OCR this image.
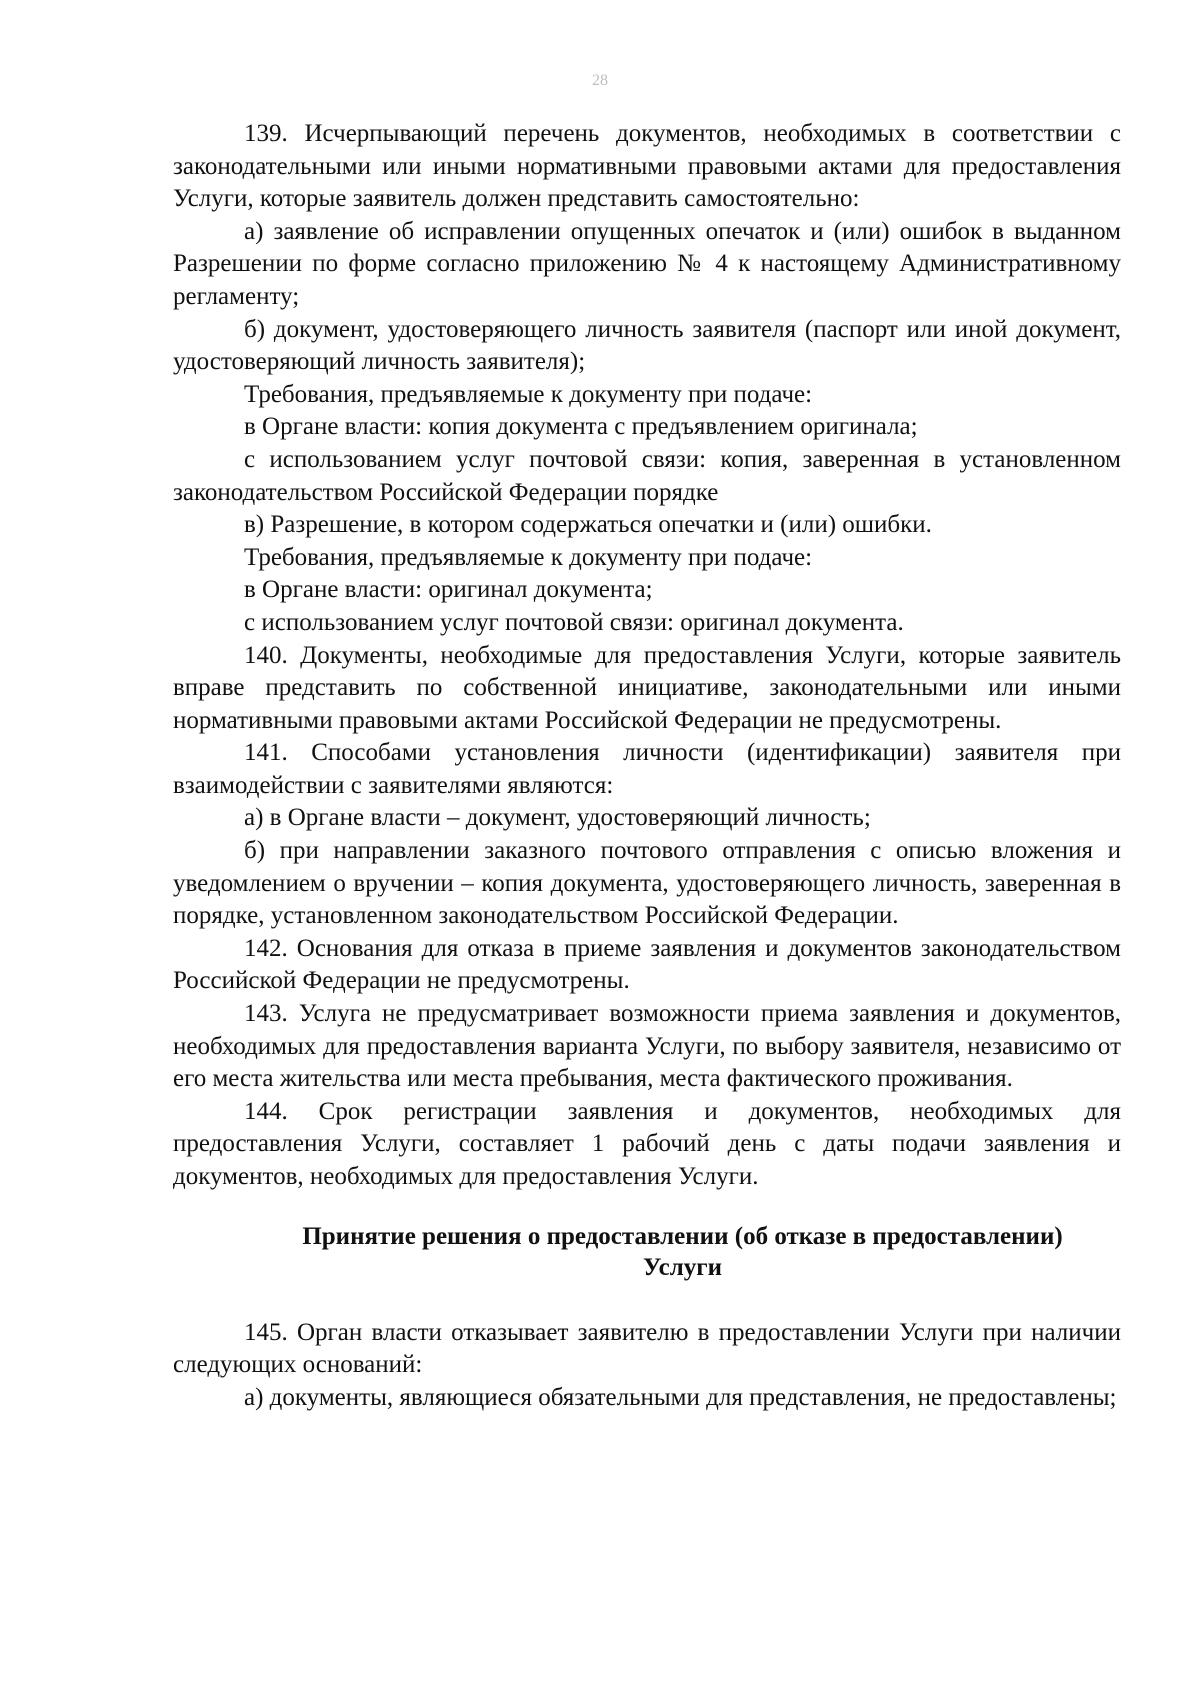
28

139. Исчерпывающий перечень документов, необходимых в соответствии с законодательными или иными нормативными правовыми актами для предоставления Услуги, которые заявитель должен представить самостоятельно:

а) заявление об исправлении опущенных опечаток и (или) ошибок в выданном Разрешении по форме согласно приложению № 4 к настоящему Административному регламенту;

б) документ, удостоверяющего личность заявителя (паспорт или иной документ, удостоверяющий личность заявителя);

Требования, предъявляемые к документу при подаче:

в Органе власти: копия документа с предъявлением оригинала;

с использованием услуг почтовой связи: копия, заверенная в установленном законодательством Российской Федерации порядке

в) Разрешение, в котором содержаться опечатки и (или) ошибки.

Требования, предъявляемые к документу при подаче:

в Органе власти: оригинал документа;

с использованием услуг почтовой связи: оригинал документа.

140. Документы, необходимые для предоставления Услуги, которые заявитель вправе представить по собственной инициативе, законодательными или иными нормативными правовыми актами Российской Федерации не предусмотрены.

141. Способами установления личности (идентификации) заявителя при взаимодействии с заявителями являются:

а) в Органе власти – документ, удостоверяющий личность;

б) при направлении заказного почтового отправления с описью вложения и уведомлением о вручении – копия документа, удостоверяющего личность, заверенная в порядке, установленном законодательством Российской Федерации.

142. Основания для отказа в приеме заявления и документов законодательством Российской Федерации не предусмотрены.

143. Услуга не предусматривает возможности приема заявления и документов, необходимых для предоставления варианта Услуги, по выбору заявителя, независимо от его места жительства или места пребывания, места фактического проживания.

144. Срок регистрации заявления и документов, необходимых для предоставления Услуги, составляет 1 рабочий день с даты подачи заявления и документов, необходимых для предоставления Услуги.

Принятие решения о предоставлении (об отказе в предоставлении)
Услуги

145. Орган власти отказывает заявителю в предоставлении Услуги при наличии следующих оснований:

а) документы, являющиеся обязательными для представления, не предоставлены;
